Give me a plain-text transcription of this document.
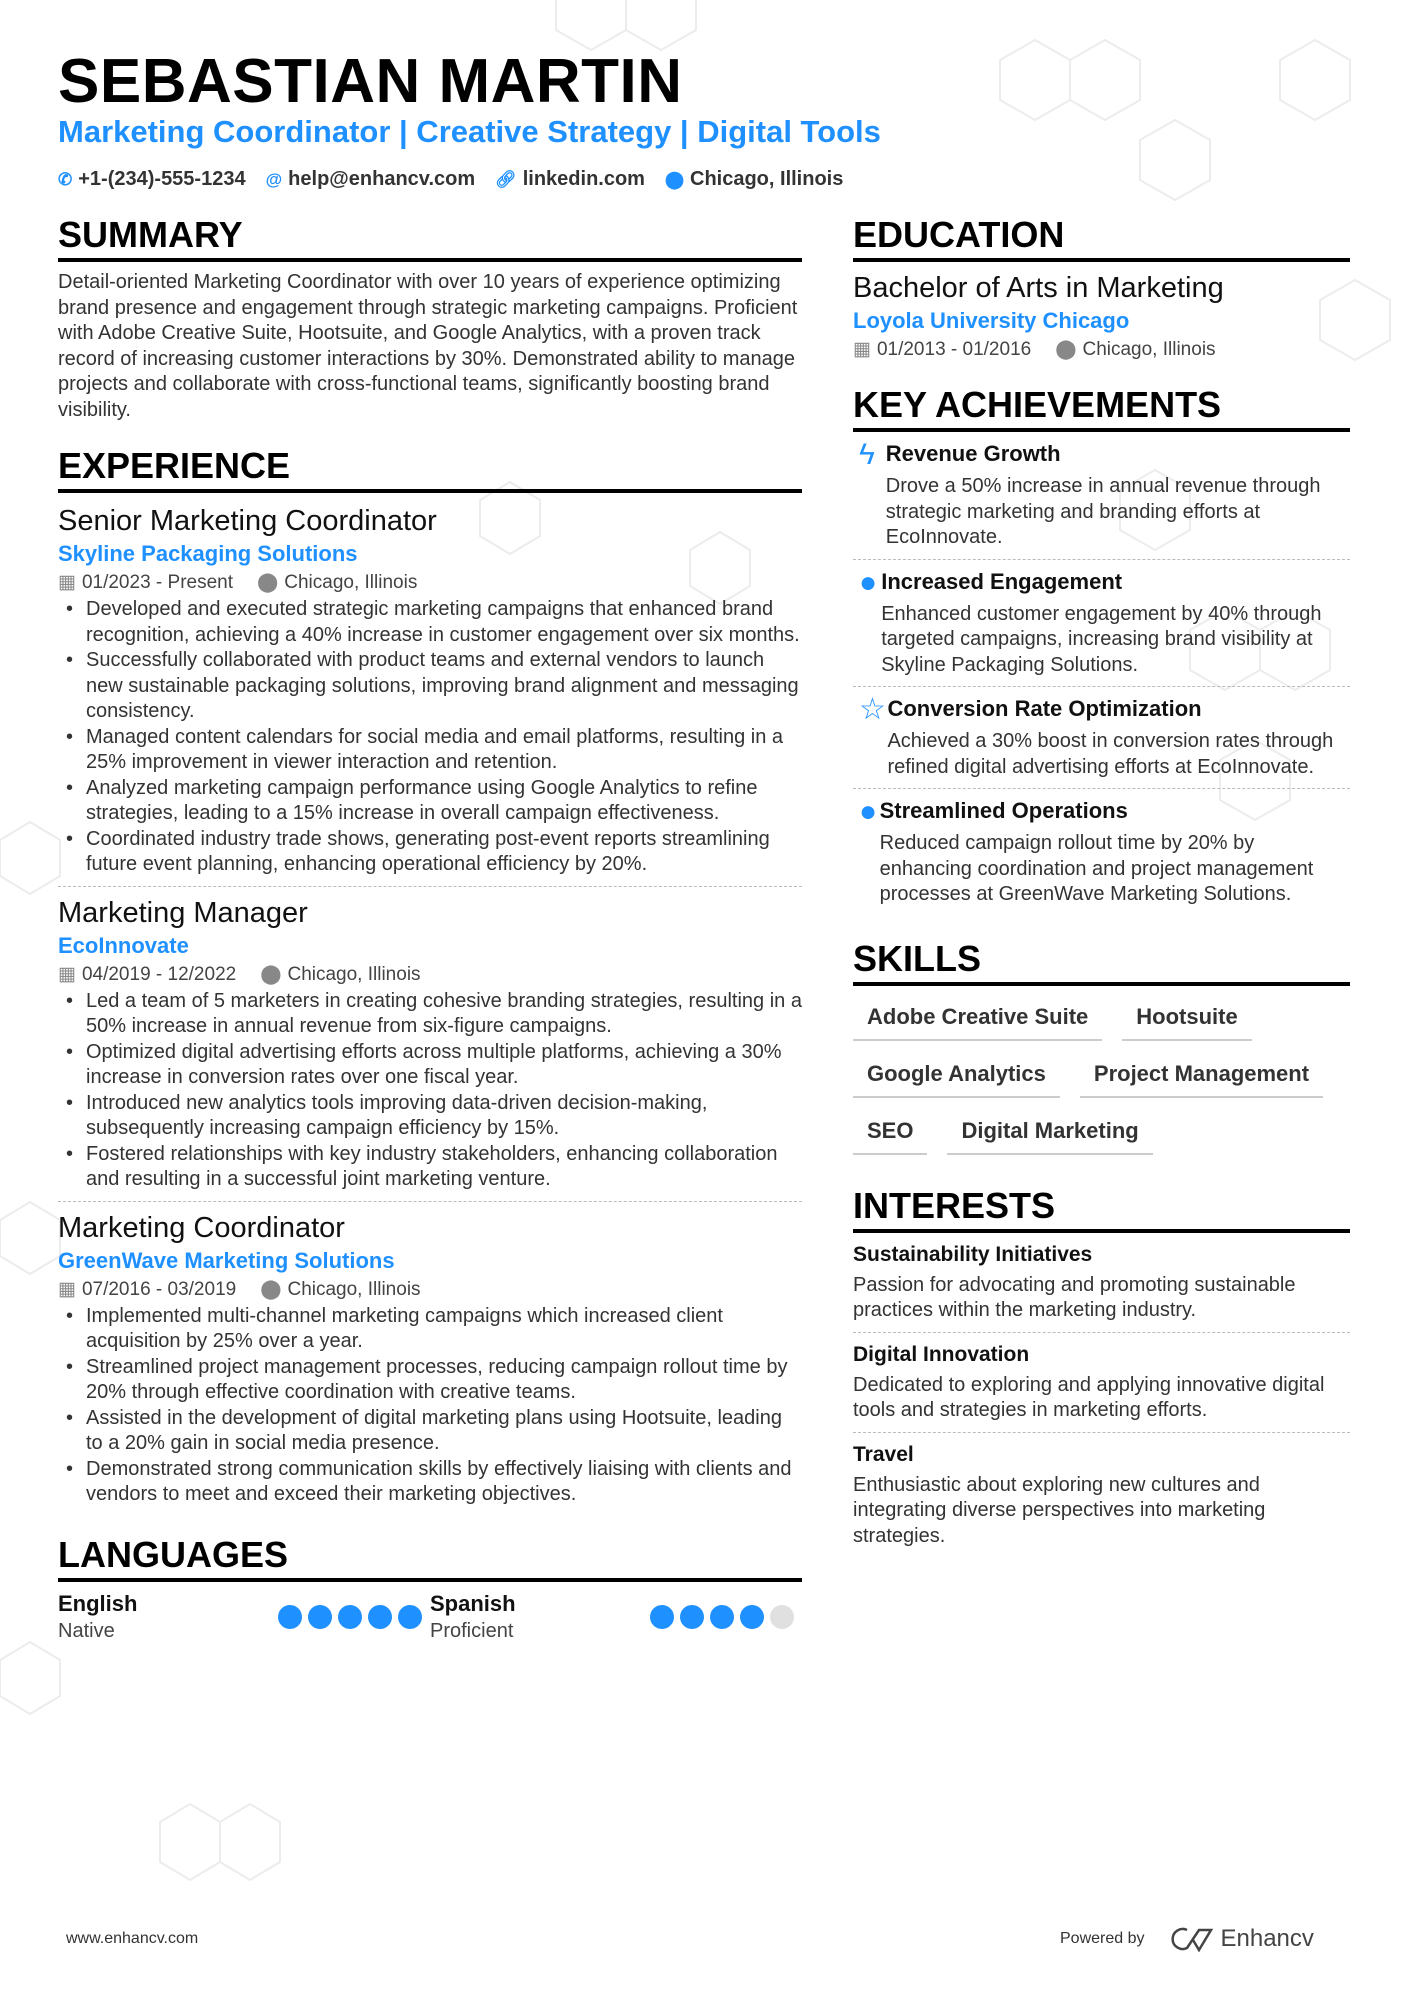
SEBASTIAN MARTIN
Marketing Coordinator | Creative Strategy | Digital Tools
✆ +1-(234)-555-1234 @ help@enhancv.com 🔗︎ linkedin.com ⬤ Chicago, Illinois
SUMMARY

Detail-oriented Marketing Coordinator with over 10 years of experience optimizing brand presence and engagement through strategic marketing campaigns. Proficient with Adobe Creative Suite, Hootsuite, and Google Analytics, with a proven track record of increasing customer interactions by 30%. Demonstrated ability to manage projects and collaborate with cross-functional teams, significantly boosting brand visibility.

EXPERIENCE
Senior Marketing Coordinator
Skyline Packaging Solutions
▦ 01/2023 - Present ⬤ Chicago, Illinois
• Developed and executed strategic marketing campaigns that enhanced brand recognition, achieving a 40% increase in customer engagement over six months.
• Successfully collaborated with product teams and external vendors to launch new sustainable packaging solutions, improving brand alignment and messaging consistency.
• Managed content calendars for social media and email platforms, resulting in a 25% improvement in viewer interaction and retention.
• Analyzed marketing campaign performance using Google Analytics to refine strategies, leading to a 15% increase in overall campaign effectiveness.
• Coordinated industry trade shows, generating post-event reports streamlining future event planning, enhancing operational efficiency by 20%.
Marketing Manager
EcoInnovate
▦ 04/2019 - 12/2022 ⬤ Chicago, Illinois
• Led a team of 5 marketers in creating cohesive branding strategies, resulting in a 50% increase in annual revenue from six-figure campaigns.
• Optimized digital advertising efforts across multiple platforms, achieving a 30% increase in conversion rates over one fiscal year.
• Introduced new analytics tools improving data-driven decision-making, subsequently increasing campaign efficiency by 15%.
• Fostered relationships with key industry stakeholders, enhancing collaboration and resulting in a successful joint marketing venture.
Marketing Coordinator
GreenWave Marketing Solutions
▦ 07/2016 - 03/2019 ⬤ Chicago, Illinois
• Implemented multi-channel marketing campaigns which increased client acquisition by 25% over a year.
• Streamlined project management processes, reducing campaign rollout time by 20% through effective coordination with creative teams.
• Assisted in the development of digital marketing plans using Hootsuite, leading to a 20% gain in social media presence.
• Demonstrated strong communication skills by effectively liaising with clients and vendors to meet and exceed their marketing objectives.
LANGUAGES
English
Native
Spanish
Proficient
EDUCATION
Bachelor of Arts in Marketing
Loyola University Chicago
▦ 01/2013 - 01/2016 ⬤ Chicago, Illinois
KEY ACHIEVEMENTS
ϟ Revenue Growth
Drove a 50% increase in annual revenue through strategic marketing and branding efforts at EcoInnovate.
● Increased Engagement
Enhanced customer engagement by 40% through targeted campaigns, increasing brand visibility at Skyline Packaging Solutions.
☆ Conversion Rate Optimization
Achieved a 30% boost in conversion rates through refined digital advertising efforts at EcoInnovate.
● Streamlined Operations
Reduced campaign rollout time by 20% by enhancing coordination and project management processes at GreenWave Marketing Solutions.
SKILLS
Adobe Creative Suite	Hootsuite
Google Analytics	Project Management
SEO	Digital Marketing
INTERESTS
Sustainability Initiatives
Passion for advocating and promoting sustainable practices within the marketing industry.
Digital Innovation
Dedicated to exploring and applying innovative digital tools and strategies in marketing efforts.
Travel
Enthusiastic about exploring new cultures and integrating diverse perspectives into marketing strategies.
www.enhancv.com	Powered by	Enhancv
